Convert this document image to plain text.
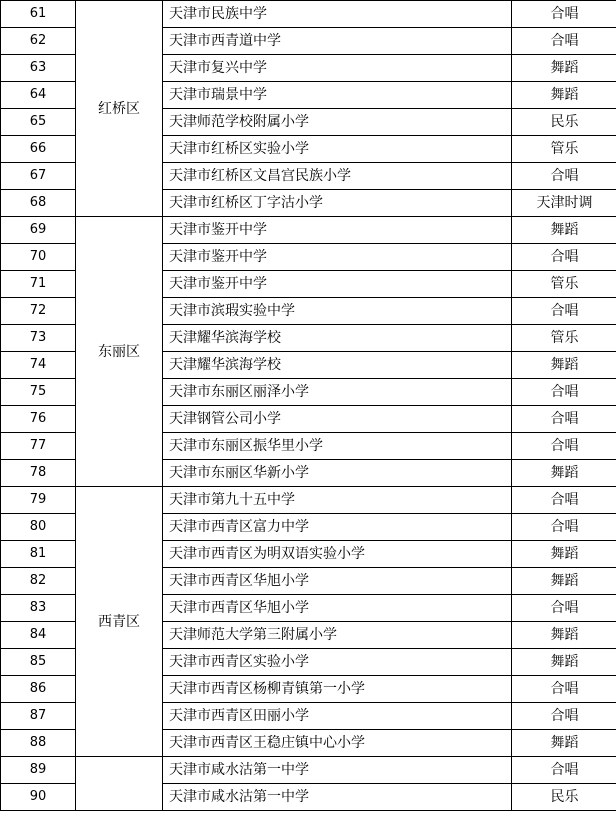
61	红桥区	天津市民族中学	合唱
62		天津市西青道中学	合唱
63		天津市复兴中学	舞蹈
64		天津市瑞景中学	舞蹈
65		天津师范学校附属小学	民乐
66		天津市红桥区实验小学	管乐
67		天津市红桥区文昌宫民族小学	合唱
68		天津市红桥区丁字沽小学	天津时调
69	东丽区	天津市鉴开中学	舞蹈
70		天津市鉴开中学	合唱
71		天津市鉴开中学	管乐
72		天津市滨瑕实验中学	合唱
73		天津耀华滨海学校	管乐
74		天津耀华滨海学校	舞蹈
75		天津市东丽区丽泽小学	合唱
76		天津钢管公司小学	合唱
77		天津市东丽区振华里小学	合唱
78		天津市东丽区华新小学	舞蹈
79	西青区	天津市第九十五中学	合唱
80		天津市西青区富力中学	合唱
81		天津市西青区为明双语实验小学	舞蹈
82		天津市西青区华旭小学	舞蹈
83		天津市西青区华旭小学	合唱
84		天津师范大学第三附属小学	舞蹈
85		天津市西青区实验小学	舞蹈
86		天津市西青区杨柳青镇第一小学	合唱
87		天津市西青区田丽小学	合唱
88		天津市西青区王稳庄镇中心小学	舞蹈
89		天津市咸水沽第一中学	合唱
90		天津市咸水沽第一中学	民乐
